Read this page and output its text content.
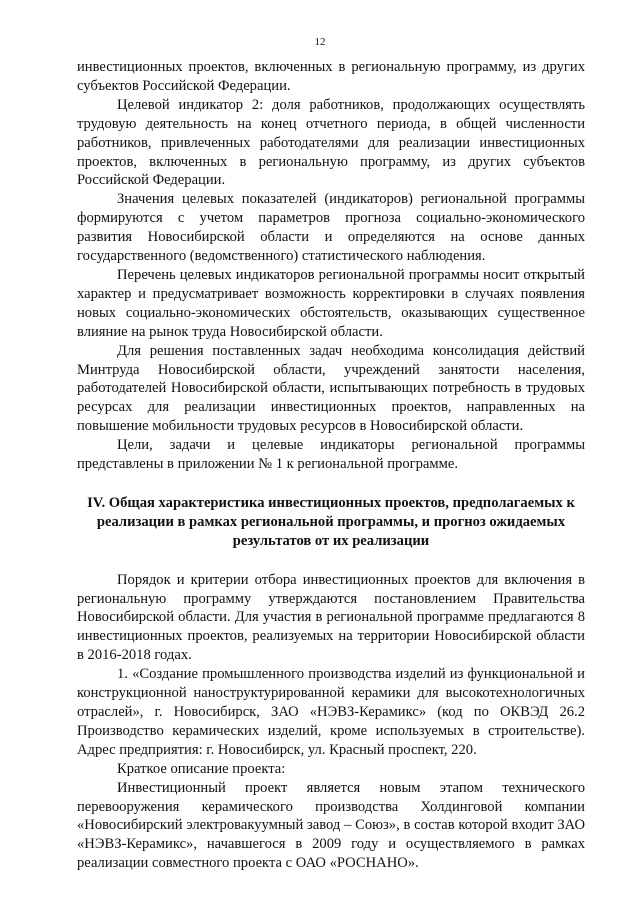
12

инвестиционных проектов, включенных в региональную программу, из других субъектов Российской Федерации.

Целевой индикатор 2: доля работников, продолжающих осуществлять трудовую деятельность на конец отчетного периода, в общей численности работников, привлеченных работодателями для реализации инвестиционных проектов, включенных в региональную программу, из других субъектов Российской Федерации.

Значения целевых показателей (индикаторов) региональной программы формируются с учетом параметров прогноза социально-экономического развития Новосибирской области и определяются на основе данных государственного (ведомственного) статистического наблюдения.

Перечень целевых индикаторов региональной программы носит открытый характер и предусматривает возможность корректировки в случаях появления новых социально-экономических обстоятельств, оказывающих существенное влияние на рынок труда Новосибирской области.

Для решения поставленных задач необходима консолидация действий Минтруда Новосибирской области, учреждений занятости населения, работодателей Новосибирской области, испытывающих потребность в трудовых ресурсах для реализации инвестиционных проектов, направленных на повышение мобильности трудовых ресурсов в Новосибирской области.

Цели, задачи и целевые индикаторы региональной программы представлены в приложении № 1 к региональной программе.

IV. Общая характеристика инвестиционных проектов, предполагаемых к реализации в рамках региональной программы, и прогноз ожидаемых результатов от их реализации

Порядок и критерии отбора инвестиционных проектов для включения в региональную программу утверждаются постановлением Правительства Новосибирской области. Для участия в региональной программе предлагаются 8 инвестиционных проектов, реализуемых на территории Новосибирской области в 2016-2018 годах.

1. «Создание промышленного производства изделий из функциональной и конструкционной наноструктурированной керамики для высокотехнологичных отраслей», г. Новосибирск, ЗАО «НЭВЗ-Керамикс» (код по ОКВЭД 26.2 Производство керамических изделий, кроме используемых в строительстве). Адрес предприятия: г. Новосибирск, ул. Красный проспект, 220.

Краткое описание проекта:

Инвестиционный проект является новым этапом технического перевооружения керамического производства Холдинговой компании «Новосибирский электровакуумный завод – Союз», в состав которой входит ЗАО «НЭВЗ-Керамикс», начавшегося в 2009 году и осуществляемого в рамках реализации совместного проекта с ОАО «РОСНАНО».
